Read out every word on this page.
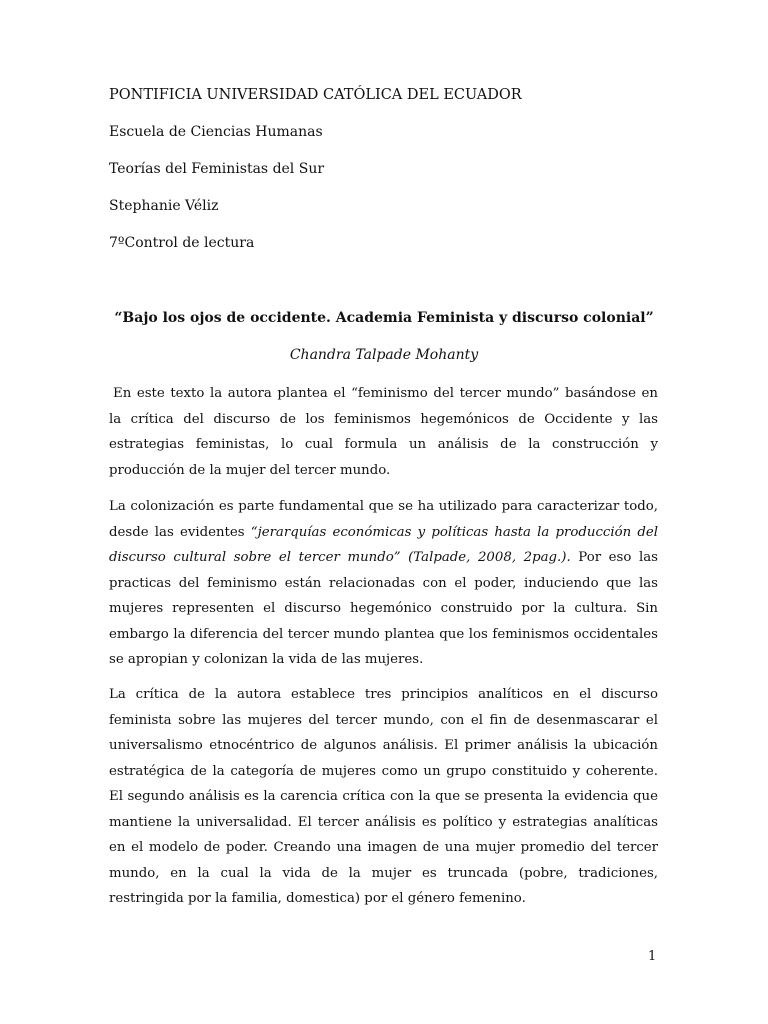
PONTIFICIA UNIVERSIDAD CATÓLICA DEL ECUADOR
Escuela de Ciencias Humanas
Teorías del Feministas del Sur
Stephanie Véliz
7ºControl de lectura
“Bajo los ojos de occidente. Academia Feminista y discurso colonial”
Chandra Talpade Mohanty

En este texto la autora plantea el “feminismo del tercer mundo” basándose en la crítica del discurso de los feminismos hegemónicos de Occidente y las estrategias feministas, lo cual formula un análisis de la construcción y producción de la mujer del tercer mundo.

La colonización es parte fundamental que se ha utilizado para caracterizar todo, desde las evidentes “jerarquías económicas y políticas hasta la producción del discurso cultural sobre el tercer mundo” (Talpade, 2008, 2pag.). Por eso las practicas del feminismo están relacionadas con el poder, induciendo que las mujeres representen el discurso hegemónico construido por la cultura. Sin embargo la diferencia del tercer mundo plantea que los feminismos occidentales se apropian y colonizan la vida de las mujeres.

La crítica de la autora establece tres principios analíticos en el discurso feminista sobre las mujeres del tercer mundo, con el fin de desenmascarar el universalismo etnocéntrico de algunos análisis. El primer análisis la ubicación estratégica de la categoría de mujeres como un grupo constituido y coherente. El segundo análisis es la carencia crítica con la que se presenta la evidencia que mantiene la universalidad. El tercer análisis es político y estrategias analíticas en el modelo de poder. Creando una imagen de una mujer promedio del tercer mundo, en la cual la vida de la mujer es truncada (pobre, tradiciones, restringida por la familia, domestica) por el género femenino.

1
